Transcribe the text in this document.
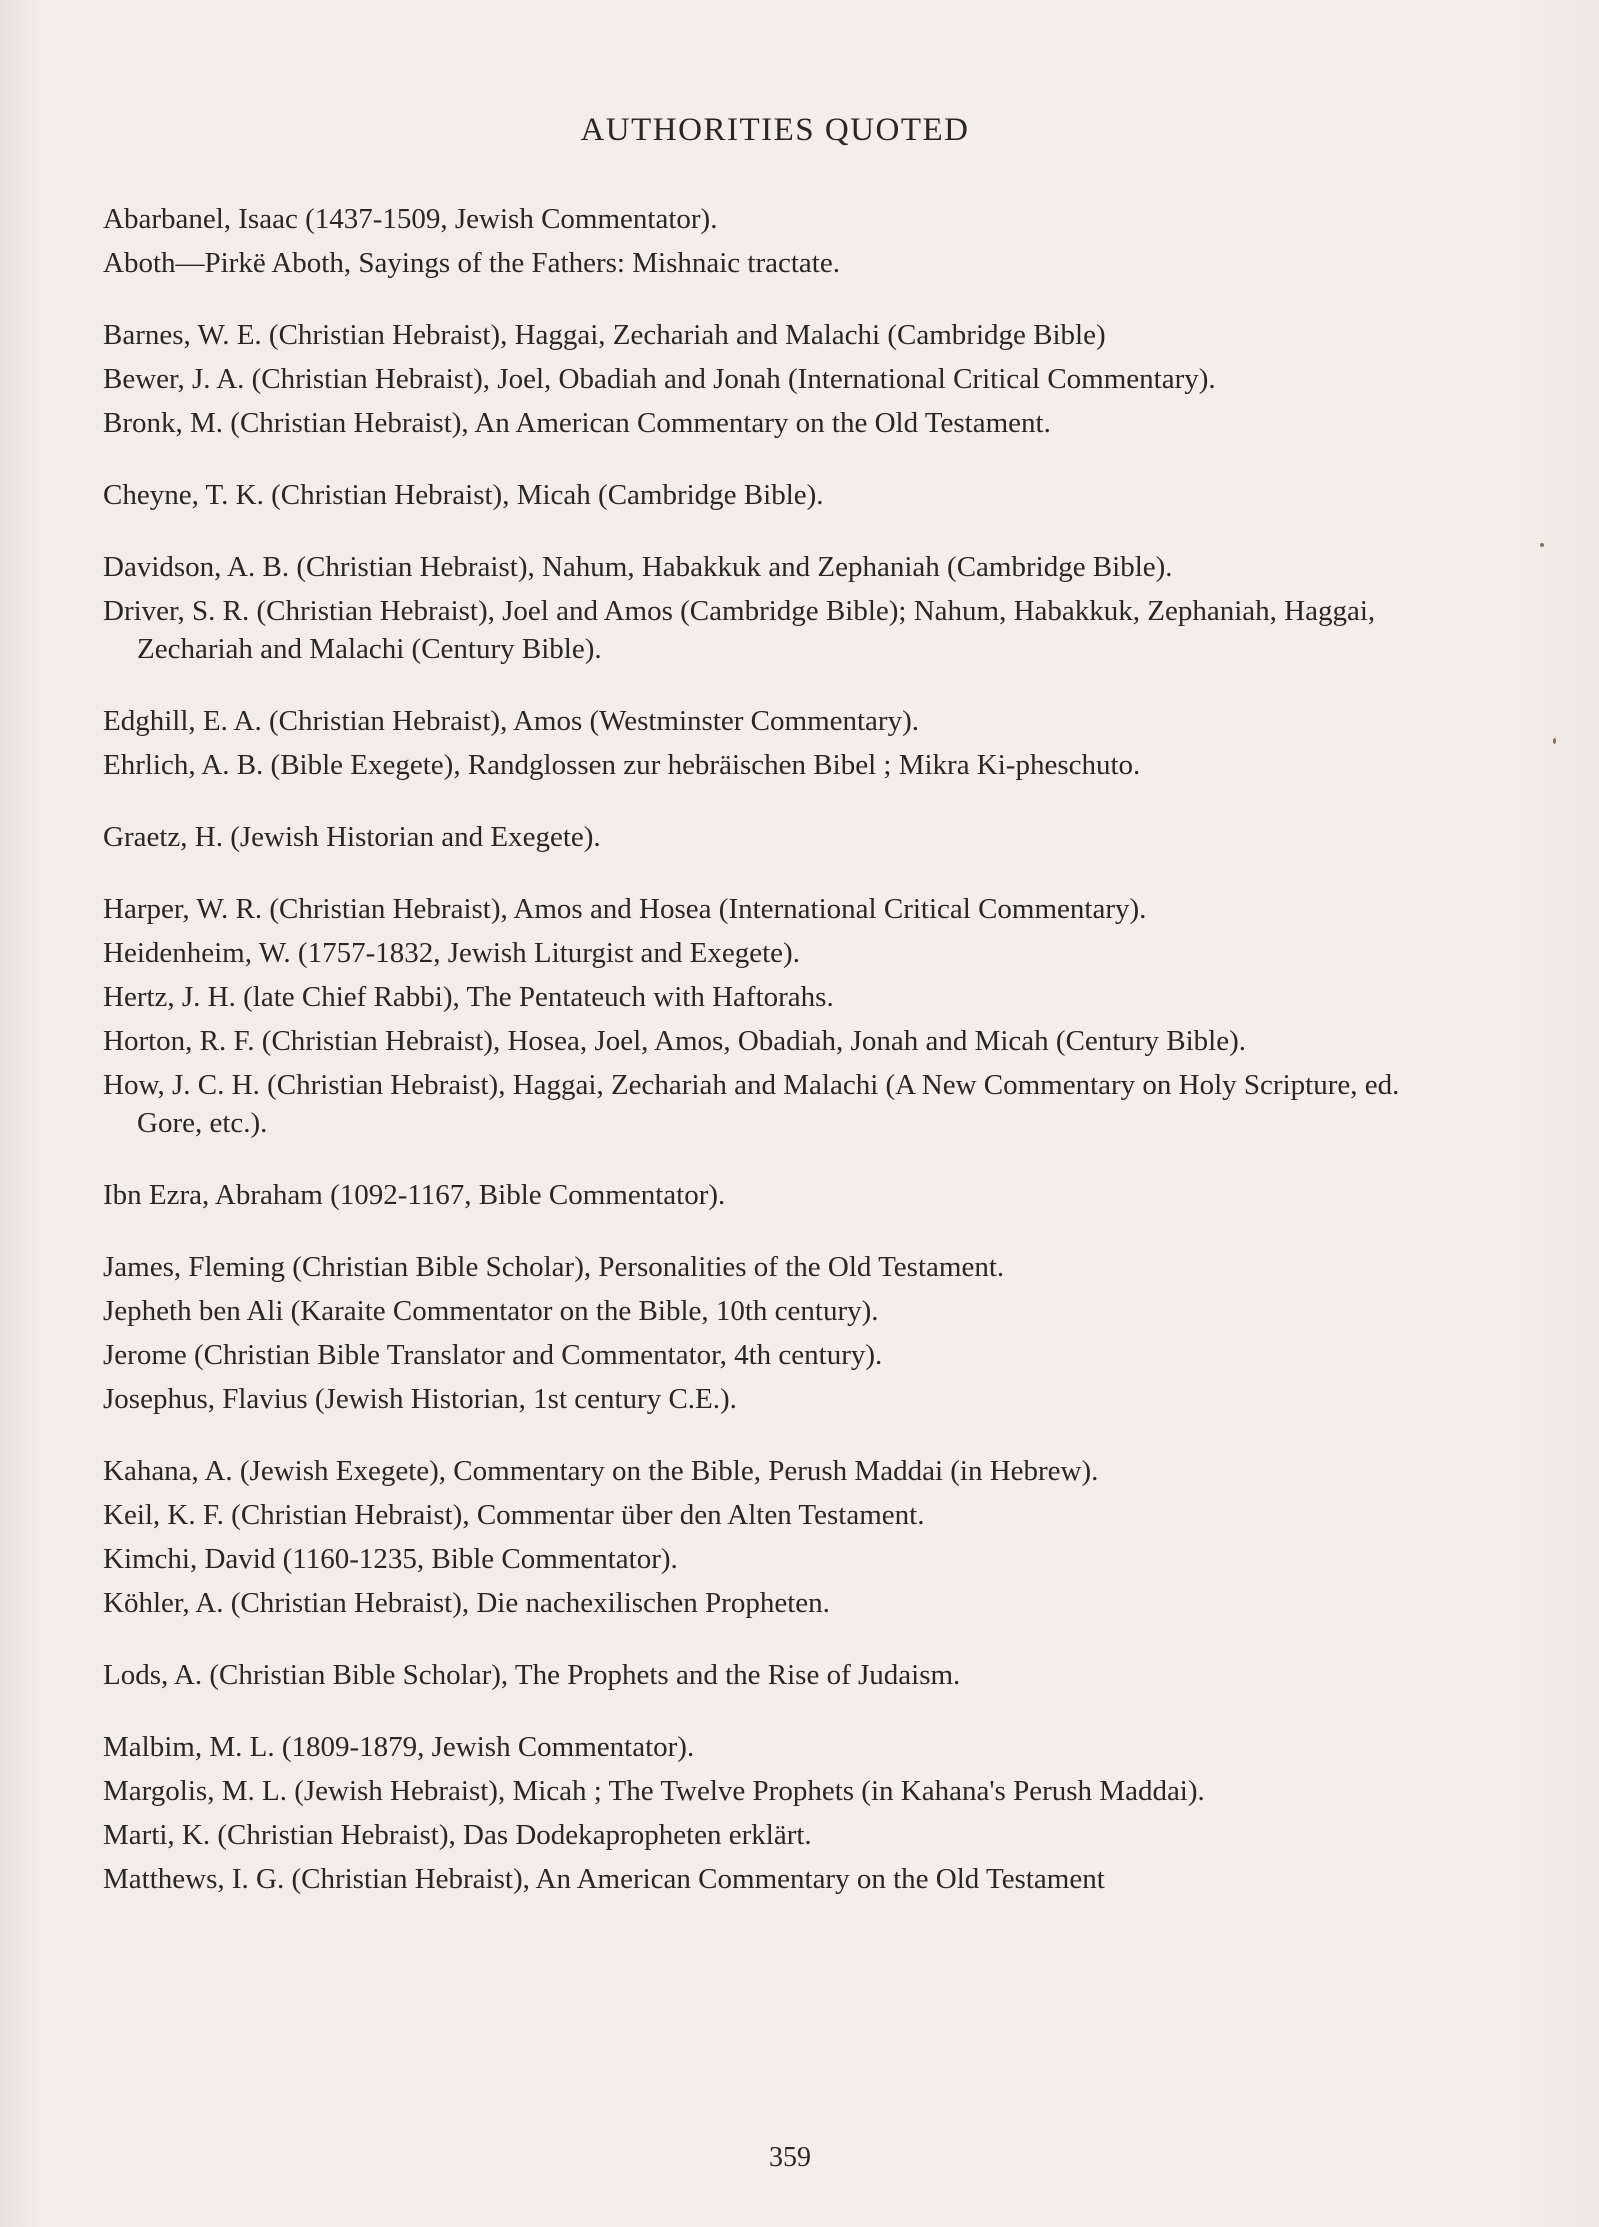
AUTHORITIES QUOTED
Abarbanel, Isaac (1437-1509, Jewish Commentator).
Aboth—Pirkë Aboth, Sayings of the Fathers: Mishnaic tractate.
Barnes, W. E. (Christian Hebraist), Haggai, Zechariah and Malachi (Cambridge Bible)
Bewer, J. A. (Christian Hebraist), Joel, Obadiah and Jonah (International Critical Commentary).
Bronk, M. (Christian Hebraist), An American Commentary on the Old Testament.
Cheyne, T. K. (Christian Hebraist), Micah (Cambridge Bible).
Davidson, A. B. (Christian Hebraist), Nahum, Habakkuk and Zephaniah (Cambridge Bible).
Driver, S. R. (Christian Hebraist), Joel and Amos (Cambridge Bible); Nahum, Habakkuk, Zephaniah, Haggai, Zechariah and Malachi (Century Bible).
Edghill, E. A. (Christian Hebraist), Amos (Westminster Commentary).
Ehrlich, A. B. (Bible Exegete), Randglossen zur hebräischen Bibel ; Mikra Ki-pheschuto.
Graetz, H. (Jewish Historian and Exegete).
Harper, W. R. (Christian Hebraist), Amos and Hosea (International Critical Commentary).
Heidenheim, W. (1757-1832, Jewish Liturgist and Exegete).
Hertz, J. H. (late Chief Rabbi), The Pentateuch with Haftorahs.
Horton, R. F. (Christian Hebraist), Hosea, Joel, Amos, Obadiah, Jonah and Micah (Century Bible).
How, J. C. H. (Christian Hebraist), Haggai, Zechariah and Malachi (A New Commentary on Holy Scripture, ed. Gore, etc.).
Ibn Ezra, Abraham (1092-1167, Bible Commentator).
James, Fleming (Christian Bible Scholar), Personalities of the Old Testament.
Jepheth ben Ali (Karaite Commentator on the Bible, 10th century).
Jerome (Christian Bible Translator and Commentator, 4th century).
Josephus, Flavius (Jewish Historian, 1st century C.E.).
Kahana, A. (Jewish Exegete), Commentary on the Bible, Perush Maddai (in Hebrew).
Keil, K. F. (Christian Hebraist), Commentar über den Alten Testament.
Kimchi, David (1160-1235, Bible Commentator).
Köhler, A. (Christian Hebraist), Die nachexilischen Propheten.
Lods, A. (Christian Bible Scholar), The Prophets and the Rise of Judaism.
Malbim, M. L. (1809-1879, Jewish Commentator).
Margolis, M. L. (Jewish Hebraist), Micah ; The Twelve Prophets (in Kahana's Perush Maddai).
Marti, K. (Christian Hebraist), Das Dodekapropheten erklärt.
Matthews, I. G. (Christian Hebraist), An American Commentary on the Old Testament
359
